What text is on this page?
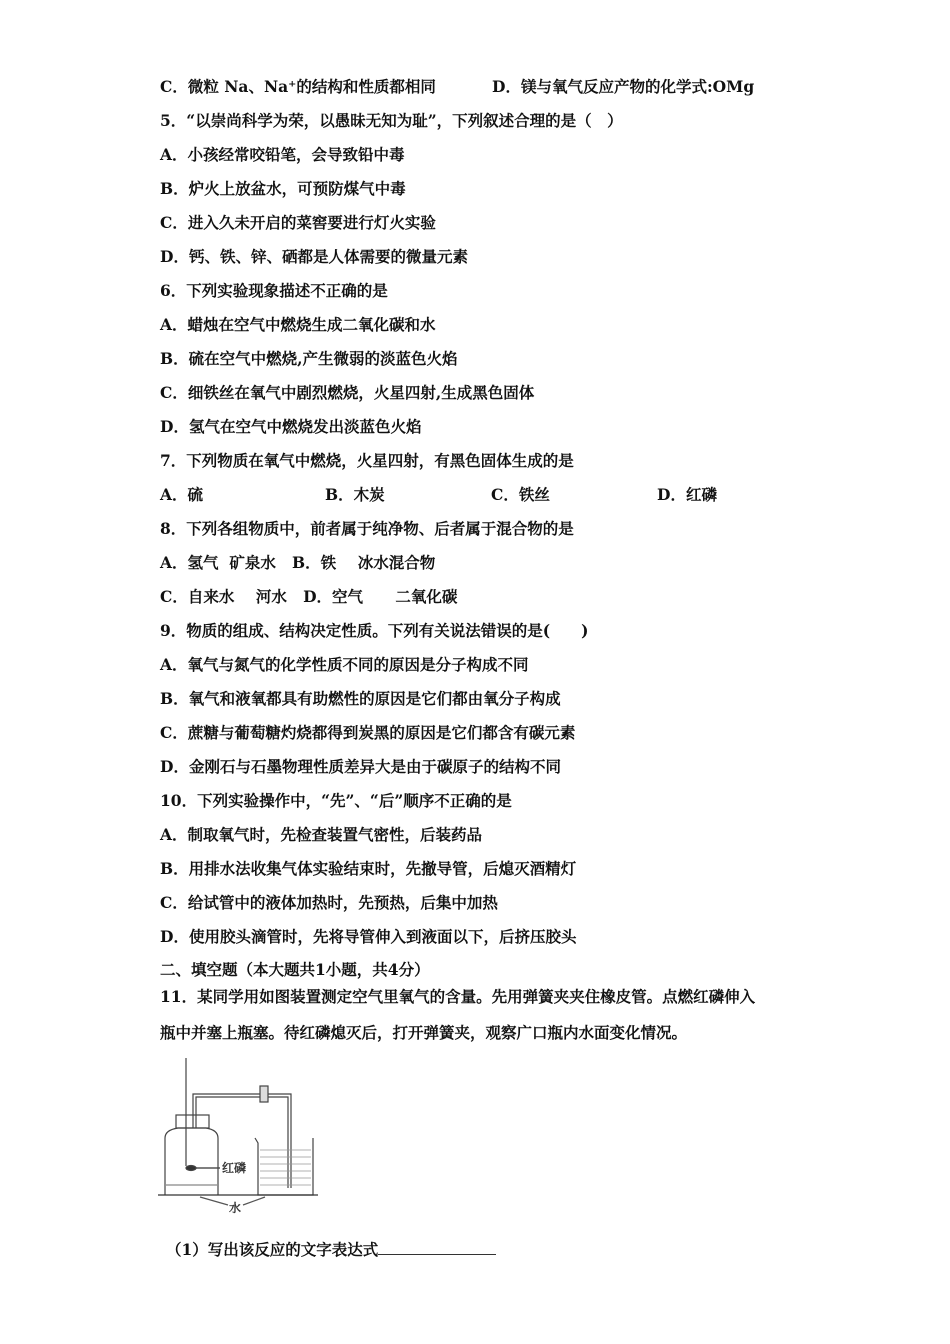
C．微粒 Na、Na⁺的结构和性质都相同	D．镁与氧气反应产物的化学式:OMg
5．“以崇尚科学为荣，以愚昧无知为耻”，下列叙述合理的是（　）
A．小孩经常咬铅笔，会导致铅中毒
B．炉火上放盆水，可预防煤气中毒
C．进入久未开启的菜窖要进行灯火实验
D．钙、铁、锌、硒都是人体需要的微量元素
6．下列实验现象描述不正确的是
A．蜡烛在空气中燃烧生成二氧化碳和水
B．硫在空气中燃烧,产生微弱的淡蓝色火焰
C．细铁丝在氧气中剧烈燃烧，火星四射,生成黑色固体
D．氢气在空气中燃烧发出淡蓝色火焰
7．下列物质在氧气中燃烧，火星四射，有黑色固体生成的是
A．硫	B．木炭	C．铁丝	D．红磷
8．下列各组物质中，前者属于纯净物、后者属于混合物的是
A．氢气  矿泉水   B．铁    冰水混合物
C．自来水    河水   D．空气      二氧化碳
9．物质的组成、结构决定性质。下列有关说法错误的是(　　)
A．氧气与氮气的化学性质不同的原因是分子构成不同
B．氧气和液氧都具有助燃性的原因是它们都由氧分子构成
C．蔗糖与葡萄糖灼烧都得到炭黑的原因是它们都含有碳元素
D．金刚石与石墨物理性质差异大是由于碳原子的结构不同
10．下列实验操作中，“先”、“后”顺序不正确的是
A．制取氧气时，先检查装置气密性，后装药品
B．用排水法收集气体实验结束时，先撤导管，后熄灭酒精灯
C．给试管中的液体加热时，先预热，后集中加热
D．使用胶头滴管时，先将导管伸入到液面以下，后挤压胶头
二、填空题（本大题共1小题，共4分）
11．某同学用如图装置测定空气里氧气的含量。先用弹簧夹夹住橡皮管。点燃红磷伸入
瓶中并塞上瓶塞。待红磷熄灭后，打开弹簧夹，观察广口瓶内水面变化情况。
红磷
水
（1）写出该反应的文字表达式
